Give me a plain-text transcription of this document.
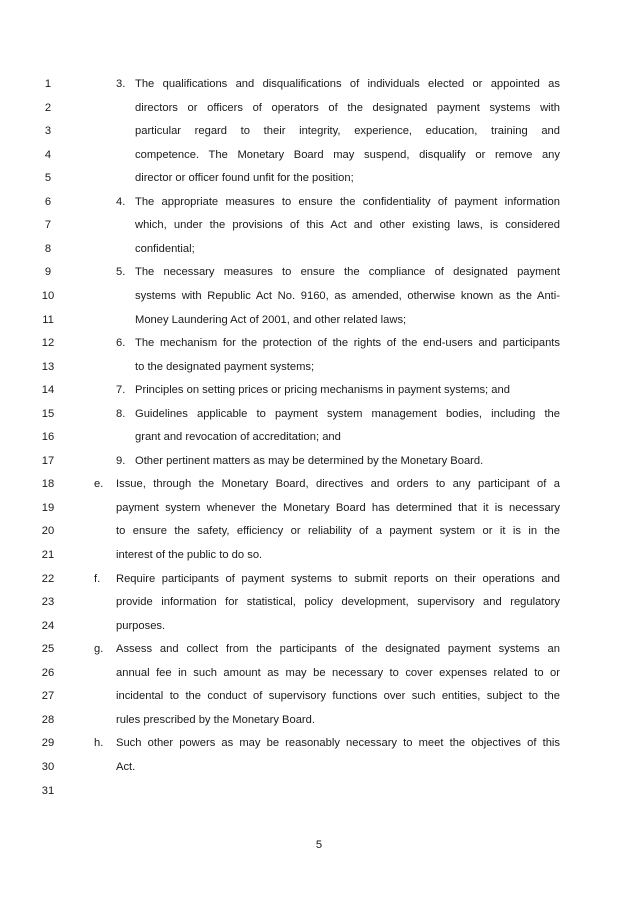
1	3. The qualifications and disqualifications of individuals elected or appointed as
2	directors or officers of operators of the designated payment systems with
3	particular regard to their integrity, experience, education, training and
4	competence. The Monetary Board may suspend, disqualify or remove any
5	director or officer found unfit for the position;
6	4. The appropriate measures to ensure the confidentiality of payment information
7	which, under the provisions of this Act and other existing laws, is considered
8	confidential;
9	5. The necessary measures to ensure the compliance of designated payment
10	systems with Republic Act No. 9160, as amended, otherwise known as the Anti-
11	Money Laundering Act of 2001, and other related laws;
12	6. The mechanism for the protection of the rights of the end-users and participants
13	to the designated payment systems;
14	7. Principles on setting prices or pricing mechanisms in payment systems; and
15	8. Guidelines applicable to payment system management bodies, including the
16	grant and revocation of accreditation; and
17	9. Other pertinent matters as may be determined by the Monetary Board.
18	e. Issue, through the Monetary Board, directives and orders to any participant of a
19	payment system whenever the Monetary Board has determined that it is necessary
20	to ensure the safety, efficiency or reliability of a payment system or it is in the
21	interest of the public to do so.
22	f. Require participants of payment systems to submit reports on their operations and
23	provide information for statistical, policy development, supervisory and regulatory
24	purposes.
25	g. Assess and collect from the participants of the designated payment systems an
26	annual fee in such amount as may be necessary to cover expenses related to or
27	incidental to the conduct of supervisory functions over such entities, subject to the
28	rules prescribed by the Monetary Board.
29	h. Such other powers as may be reasonably necessary to meet the objectives of this
30	Act.
31
5
